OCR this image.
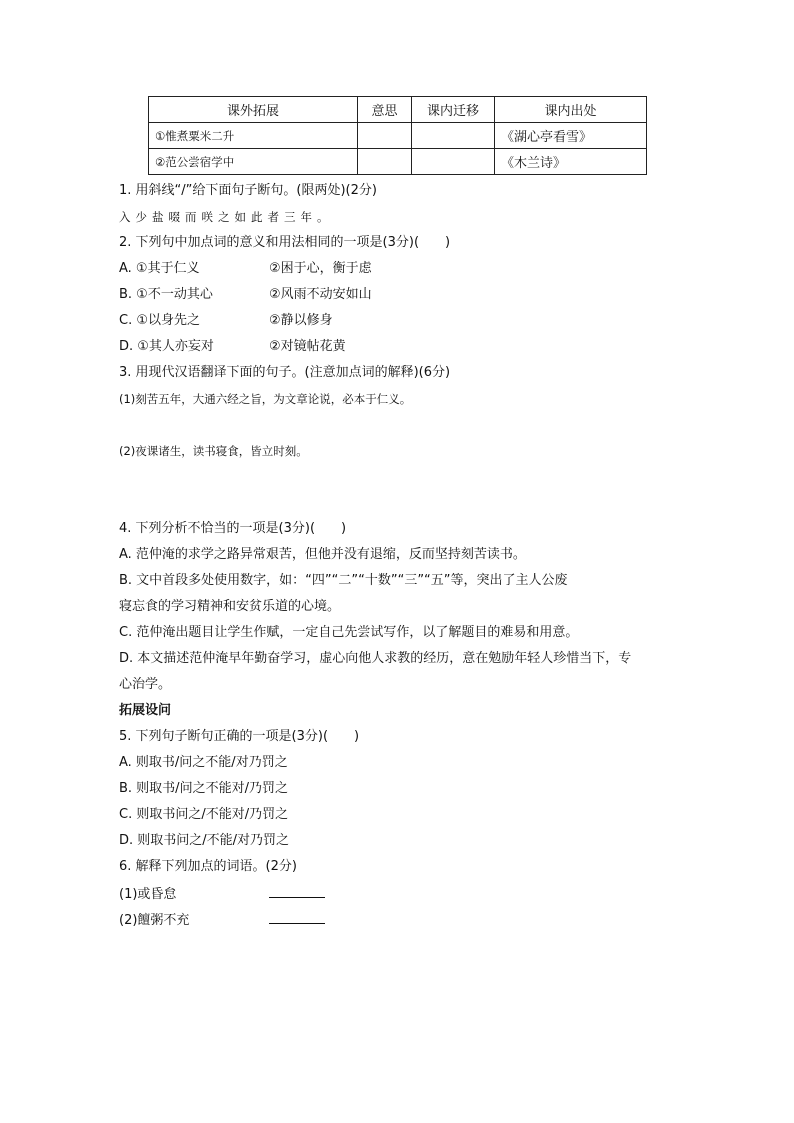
课外拓展	意思	课内迁移	课内出处
①惟煮粟米二升			《湖心亭看雪》
②范公尝宿学中			《木兰诗》
1. 用斜线“/”给下面句子断句。(限两处)(2分)
入少盐啜而咲之如此者三年。
2. 下列句中加点词的意义和用法相同的一项是(3分)(　　)
A. ①其于仁义	②困于心，衡于虑
B. ①不一动其心	②风雨不动安如山
C. ①以身先之	②静以修身
D. ①其人亦妄对	②对镜帖花黄
3. 用现代汉语翻译下面的句子。(注意加点词的解释)(6分)
(1)刻苦五年，大通六经之旨，为文章论说，必本于仁义。
(2)夜课诸生，读书寝食，皆立时刻。
4. 下列分析不恰当的一项是(3分)(　　)
A. 范仲淹的求学之路异常艰苦，但他并没有退缩，反而坚持刻苦读书。
B. 文中首段多处使用数字，如：“四”“二”“十数”“三”“五”等，突出了主人公废
寝忘食的学习精神和安贫乐道的心境。
C. 范仲淹出题目让学生作赋，一定自己先尝试写作，以了解题目的难易和用意。
D. 本文描述范仲淹早年勤奋学习，虚心向他人求教的经历，意在勉励年轻人珍惜当下，专
心治学。
拓展设问
5. 下列句子断句正确的一项是(3分)(　　)
A. 则取书/问之不能/对乃罚之
B. 则取书/问之不能对/乃罚之
C. 则取书问之/不能对/乃罚之
D. 则取书问之/不能/对乃罚之
6. 解释下列加点的词语。(2分)
(1)或昏怠
(2)饘粥不充
